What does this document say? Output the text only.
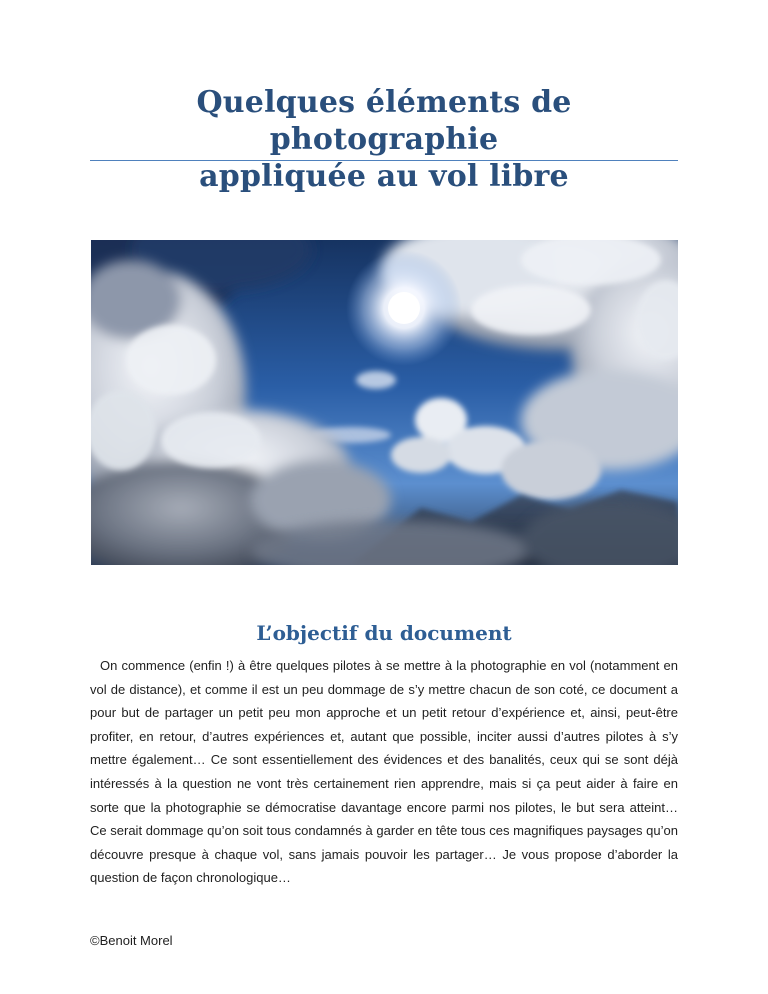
Quelques éléments de photographie
appliquée au vol libre
L’objectif du document

On commence (enfin !) à être quelques pilotes à se mettre à la photographie en vol (notamment en vol de distance), et comme il est un peu dommage de s’y mettre chacun de son coté, ce document a pour but de partager un petit peu mon approche et un petit retour d’expérience et, ainsi, peut-être profiter, en retour, d’autres expériences et, autant que possible, inciter aussi d’autres pilotes à s’y mettre également… Ce sont essentiellement des évidences et des banalités, ceux qui se sont déjà intéressés à la question ne vont très certainement rien apprendre, mais si ça peut aider à faire en sorte que la photographie se démocratise davantage encore parmi nos pilotes, le but sera atteint… Ce serait dommage qu’on soit tous condamnés à garder en tête tous ces magnifiques paysages qu’on découvre presque à chaque vol, sans jamais pouvoir les partager… Je vous propose d’aborder la question de façon chronologique…

©Benoit Morel
